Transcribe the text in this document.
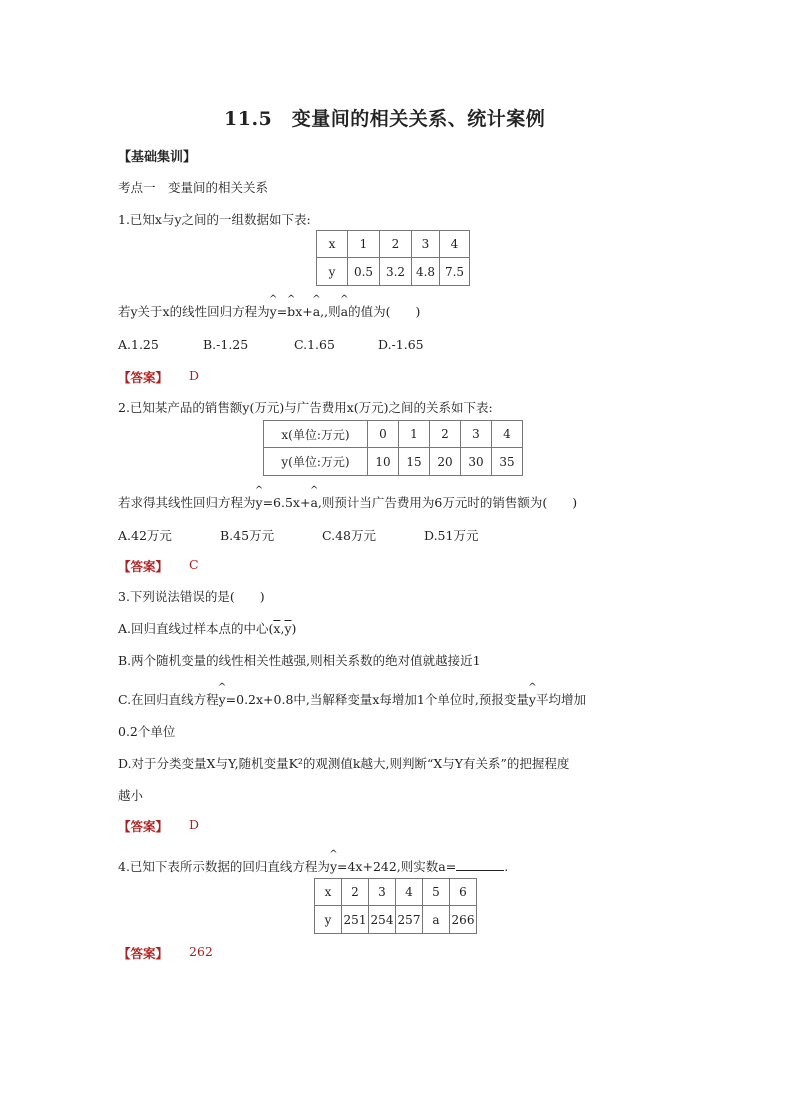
11.5　变量间的相关关系、统计案例
【基础集训】
考点一　变量间的相关关系
1.已知x与y之间的一组数据如下表:
x	1	2	3	4
y	0.5	3.2	4.8	7.5
若y关于x的线性回归方程为^ y=^ bx+^ a,,则^ a的值为(　　)
A.1.25	B.-1.25	C.1.65	D.-1.65
【答案】 D
2.已知某产品的销售额y(万元)与广告费用x(万元)之间的关系如下表:
x(单位:万元)	0	1	2	3	4
y(单位:万元)	10	15	20	30	35
若求得其线性回归方程为^ y=6.5x+^ a,则预计当广告费用为6万元时的销售额为(　　)
A.42万元	B.45万元	C.48万元	D.51万元
【答案】 C
3.下列说法错误的是(　　)
A.回归直线过样本点的中心$(\overline{x},\overline{y})$
B.两个随机变量的线性相关性越强,则相关系数的绝对值就越接近1
C.在回归直线方程^ y=0.2x+0.8中,当解释变量x每增加1个单位时,预报变量^ y平均增加
0.2个单位
D.对于分类变量X与Y,随机变量K²的观测值k越大,则判断“X与Y有关系”的把握程度
越小
【答案】 D
4.已知下表所示数据的回归直线方程为^ y=4x+242,则实数a=	.
x	2	3	4	5	6
y	251	254	257	a	266
【答案】 262
